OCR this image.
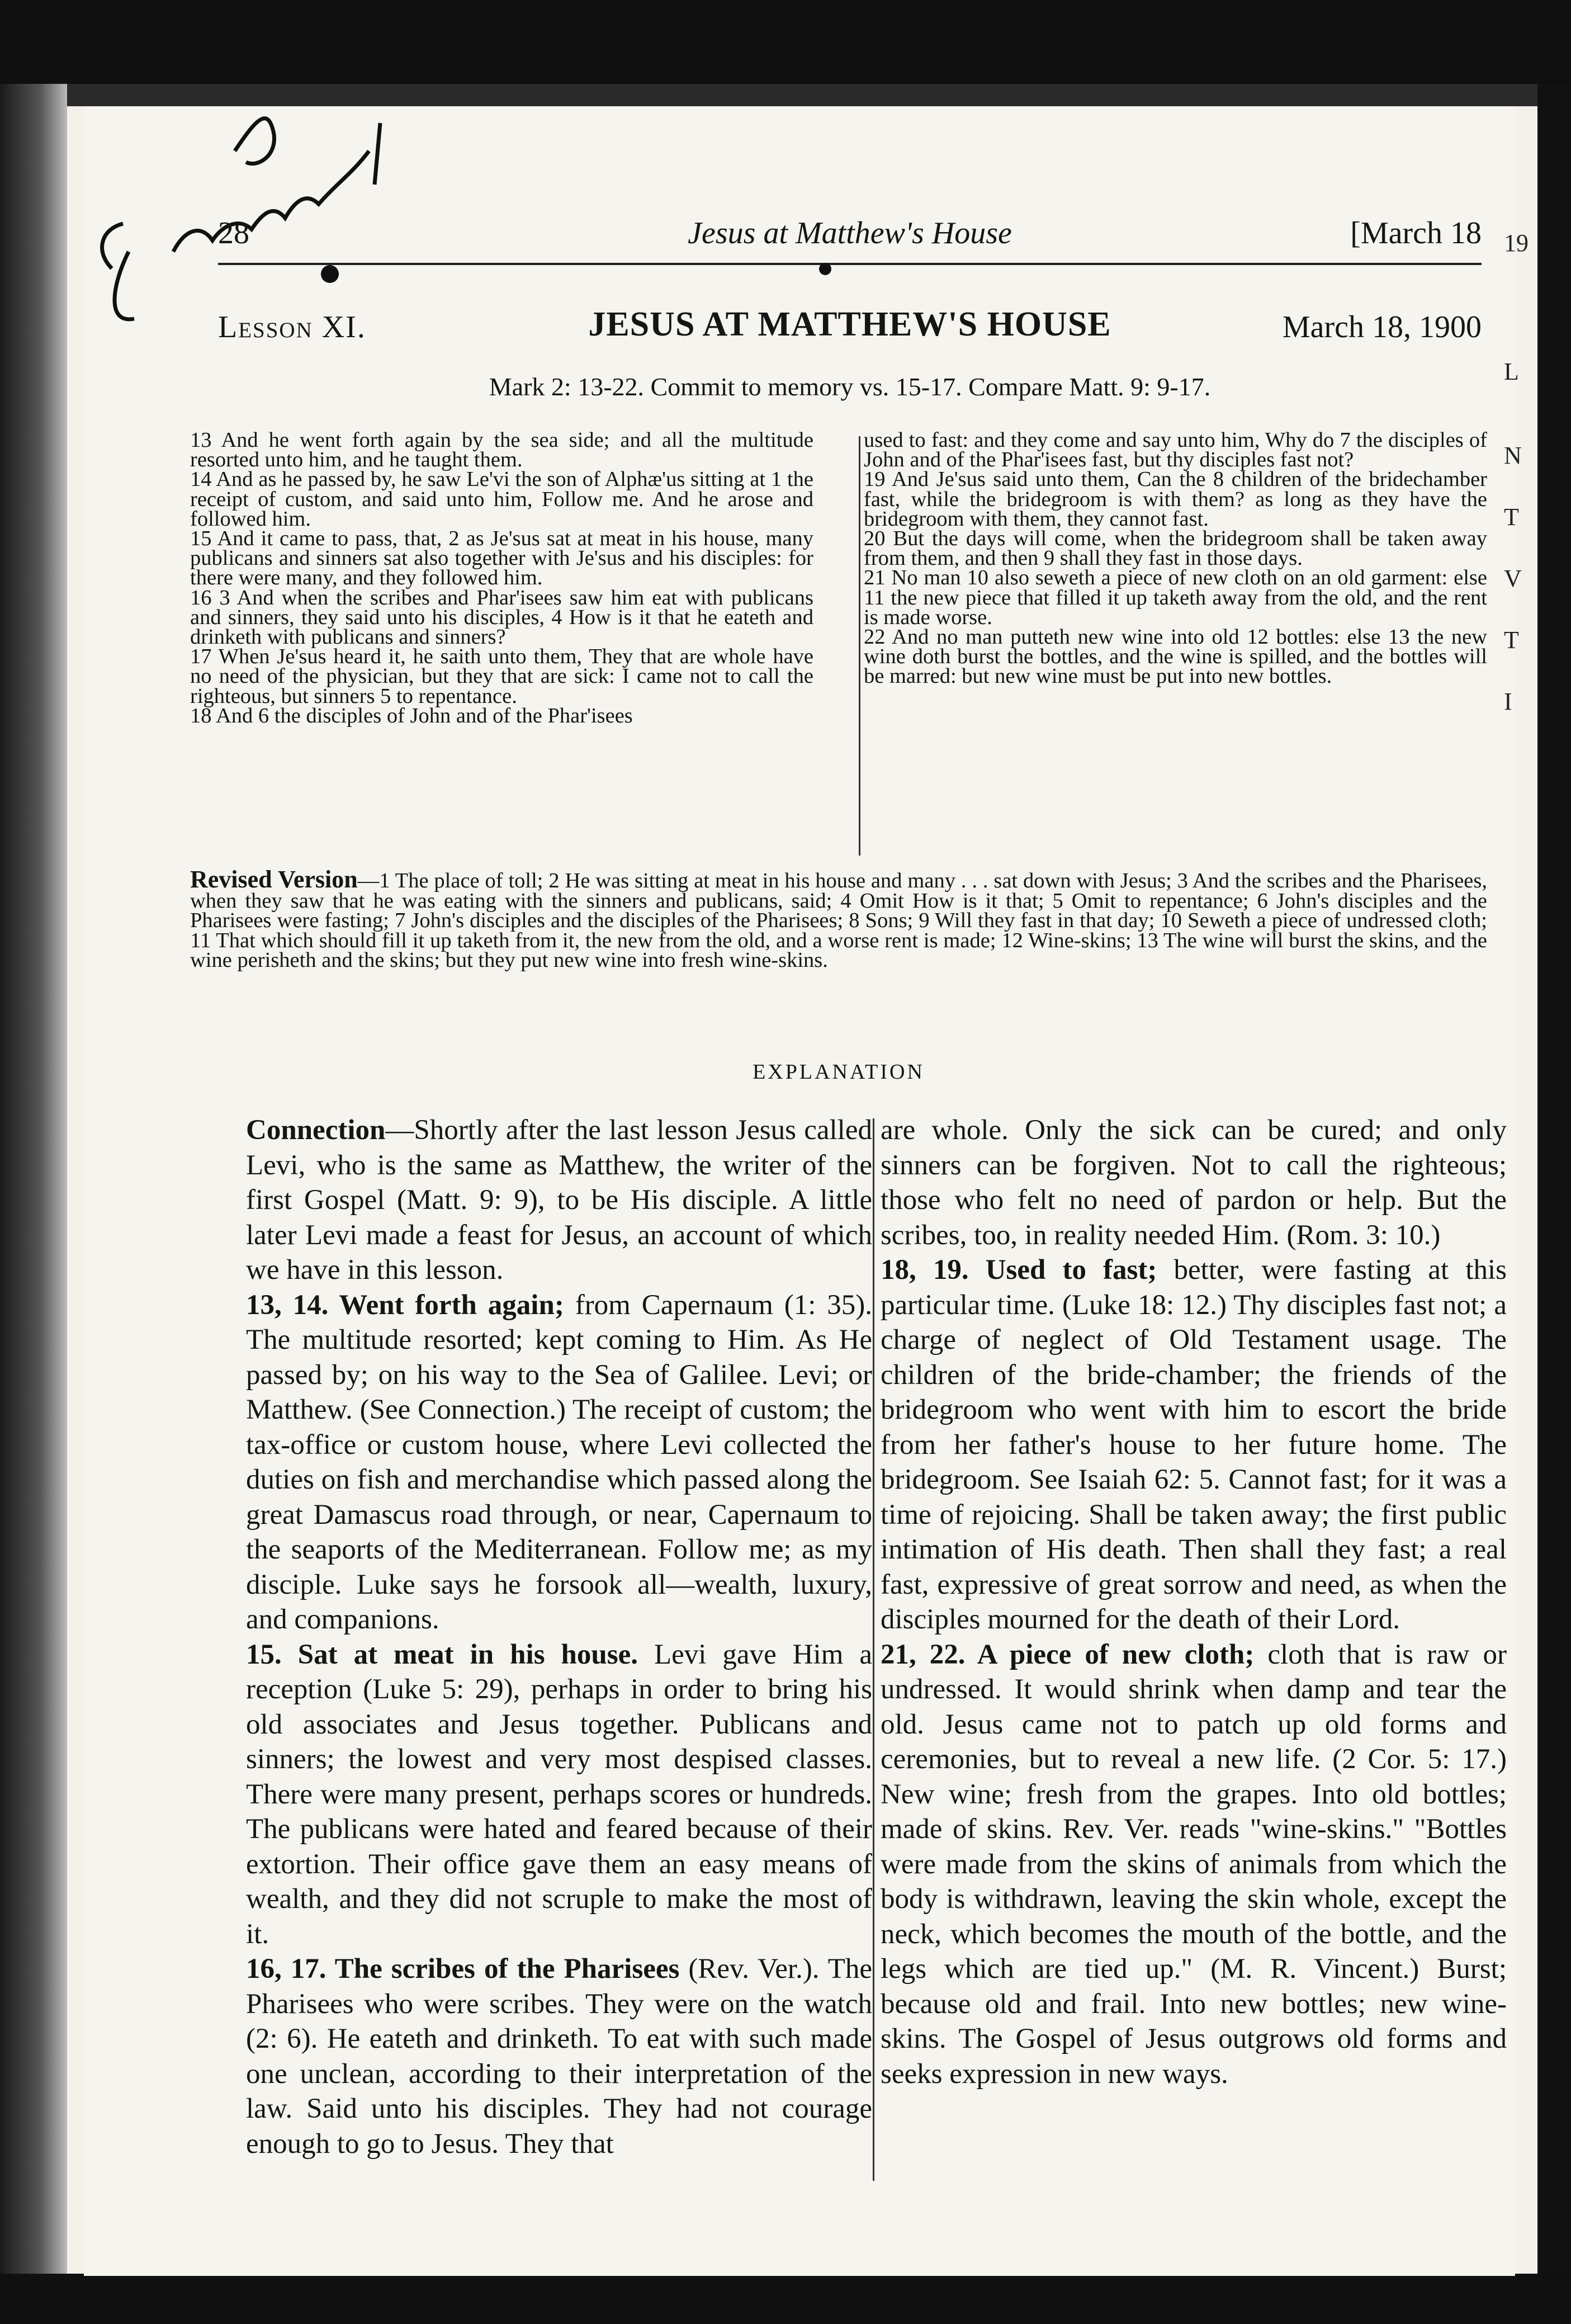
19
L
N
T
V
T
I
28	Jesus at Matthew's House	[March 18
Lesson XI.	JESUS AT MATTHEW'S HOUSE	March 18, 1900
Mark 2: 13-22. Commit to memory vs. 15-17. Compare Matt. 9: 9-17.

13 And he went forth again by the sea side; and all the multitude resorted unto him, and he taught them.

14 And as he passed by, he saw Le'vi the son of Alphæ'us sitting at 1 the receipt of custom, and said unto him, Follow me. And he arose and followed him.

15 And it came to pass, that, 2 as Je'sus sat at meat in his house, many publicans and sinners sat also together with Je'sus and his disciples: for there were many, and they followed him.

16 3 And when the scribes and Phar'isees saw him eat with publicans and sinners, they said unto his disciples, 4 How is it that he eateth and drinketh with publicans and sinners?

17 When Je'sus heard it, he saith unto them, They that are whole have no need of the physician, but they that are sick: I came not to call the righteous, but sinners 5 to repentance.

18 And 6 the disciples of John and of the Phar'isees

used to fast: and they come and say unto him, Why do 7 the disciples of John and of the Phar'isees fast, but thy disciples fast not?

19 And Je'sus said unto them, Can the 8 children of the bridechamber fast, while the bridegroom is with them? as long as they have the bridegroom with them, they cannot fast.

20 But the days will come, when the bridegroom shall be taken away from them, and then 9 shall they fast in those days.

21 No man 10 also seweth a piece of new cloth on an old garment: else 11 the new piece that filled it up taketh away from the old, and the rent is made worse.

22 And no man putteth new wine into old 12 bottles: else 13 the new wine doth burst the bottles, and the wine is spilled, and the bottles will be marred: but new wine must be put into new bottles.

Revised Version—1 The place of toll; 2 He was sitting at meat in his house and many . . . sat down with Jesus; 3 And the scribes and the Pharisees, when they saw that he was eating with the sinners and publicans, said; 4 Omit How is it that; 5 Omit to repentance; 6 John's disciples and the Pharisees were fasting; 7 John's disciples and the disciples of the Pharisees; 8 Sons; 9 Will they fast in that day; 10 Seweth a piece of undressed cloth; 11 That which should fill it up taketh from it, the new from the old, and a worse rent is made; 12 Wine-skins; 13 The wine will burst the skins, and the wine perisheth and the skins; but they put new wine into fresh wine-skins.

EXPLANATION

Connection—Shortly after the last lesson Jesus called Levi, who is the same as Matthew, the writer of the first Gospel (Matt. 9: 9), to be His disciple. A little later Levi made a feast for Jesus, an account of which we have in this lesson.

13, 14. Went forth again; from Capernaum (1: 35). The multitude resorted; kept coming to Him. As He passed by; on his way to the Sea of Galilee. Levi; or Matthew. (See Connection.) The receipt of custom; the tax-office or custom house, where Levi collected the duties on fish and merchandise which passed along the great Damascus road through, or near, Capernaum to the seaports of the Mediterranean. Follow me; as my disciple. Luke says he forsook all—wealth, luxury, and companions.

15. Sat at meat in his house. Levi gave Him a reception (Luke 5: 29), perhaps in order to bring his old associates and Jesus together. Publicans and sinners; the lowest and very most despised classes. There were many present, perhaps scores or hundreds. The publicans were hated and feared because of their extortion. Their office gave them an easy means of wealth, and they did not scruple to make the most of it.

16, 17. The scribes of the Pharisees (Rev. Ver.). The Pharisees who were scribes. They were on the watch (2: 6). He eateth and drinketh. To eat with such made one unclean, according to their interpretation of the law. Said unto his disciples. They had not courage enough to go to Jesus. They that

are whole. Only the sick can be cured; and only sinners can be forgiven. Not to call the righteous; those who felt no need of pardon or help. But the scribes, too, in reality needed Him. (Rom. 3: 10.)

18, 19. Used to fast; better, were fasting at this particular time. (Luke 18: 12.) Thy disciples fast not; a charge of neglect of Old Testament usage. The children of the bride-chamber; the friends of the bridegroom who went with him to escort the bride from her father's house to her future home. The bridegroom. See Isaiah 62: 5. Cannot fast; for it was a time of rejoicing. Shall be taken away; the first public intimation of His death. Then shall they fast; a real fast, expressive of great sorrow and need, as when the disciples mourned for the death of their Lord.

21, 22. A piece of new cloth; cloth that is raw or undressed. It would shrink when damp and tear the old. Jesus came not to patch up old forms and ceremonies, but to reveal a new life. (2 Cor. 5: 17.) New wine; fresh from the grapes. Into old bottles; made of skins. Rev. Ver. reads "wine-skins." "Bottles were made from the skins of animals from which the body is withdrawn, leaving the skin whole, except the neck, which becomes the mouth of the bottle, and the legs which are tied up." (M. R. Vincent.) Burst; because old and frail. Into new bottles; new wine-skins. The Gospel of Jesus outgrows old forms and seeks expression in new ways.
